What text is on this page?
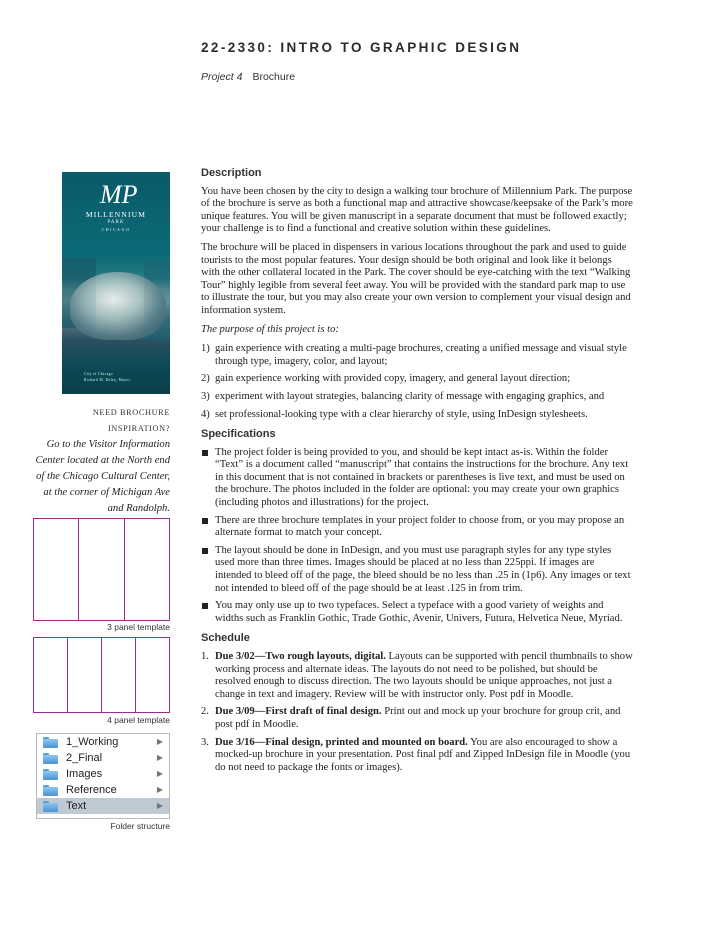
22-2330: INTRO TO GRAPHIC DESIGN
Project 4 Brochure
MP
MILLENNIUM
PARK
CHICAGO
City of Chicago
Richard M. Daley, Mayor
NEED BROCHURE INSPIRATION?
Go to the Visitor Information Center located at the North end of the Chicago Cultural Center, at the corner of Michigan Ave and Randolph.
3 panel template
4 panel template
1_Working	▶
2_Final	▶
Images	▶
Reference	▶
Text	▶
Folder structure
Description
You have been chosen by the city to design a walking tour brochure of Millennium Park. The purpose of the brochure is serve as both a functional map and attractive showcase/keepsake of the Park’s more unique features. You will be given manuscript in a separate document that must be followed exactly; your challenge is to find a functional and creative solution within these guidelines.
The brochure will be placed in dispensers in various locations throughout the park and used to guide tourists to the most popular features. Your design should be both original and look like it belongs with the other collateral located in the Park. The cover should be eye-catching with the text “Walking Tour” highly legible from several feet away. You will be provided with the standard park map to use to illustrate the tour, but you may also create your own version to complement your visual design and information system.
The purpose of this project is to:
1) gain experience with creating a multi-page brochures, creating a unified message and visual style through type, imagery, color, and layout;
2) gain experience working with provided copy, imagery, and general layout direction;
3) experiment with layout strategies, balancing clarity of message with engaging graphics, and
4) set professional-looking type with a clear hierarchy of style, using InDesign stylesheets.
Specifications
The project folder is being provided to you, and should be kept intact as-is. Within the folder “Text” is a document called “manuscript” that contains the instructions for the brochure. Any text in this document that is not contained in brackets or parentheses is live text, and must be used on the brochure. The photos included in the folder are optional: you may create your own graphics (including photos and illustrations) for the project.
There are three brochure templates in your project folder to choose from, or you may propose an alternate format to match your concept.
The layout should be done in InDesign, and you must use paragraph styles for any type styles used more than three times. Images should be placed at no less than 225ppi. If images are intended to bleed off of the page, the bleed should be no less than .25 in (1p6). Any images or text not intended to bleed off of the page should be at least .125 in from trim.
You may only use up to two typefaces. Select a typeface with a good variety of weights and widths such as Franklin Gothic, Trade Gothic, Avenir, Univers, Futura, Helvetica Neue, Myriad.
Schedule
1. Due 3/02—Two rough layouts, digital. Layouts can be supported with pencil thumbnails to show working process and alternate ideas. The layouts do not need to be polished, but should be resolved enough to discuss direction. The two layouts should be unique approaches, not just a change in text and imagery. Review will be with instructor only. Post pdf in Moodle.
2. Due 3/09—First draft of final design. Print out and mock up your brochure for group crit, and post pdf in Moodle.
3. Due 3/16—Final design, printed and mounted on board. You are also encouraged to show a mocked-up brochure in your presentation. Post final pdf and Zipped InDesign file in Moodle (you do not need to package the fonts or images).
